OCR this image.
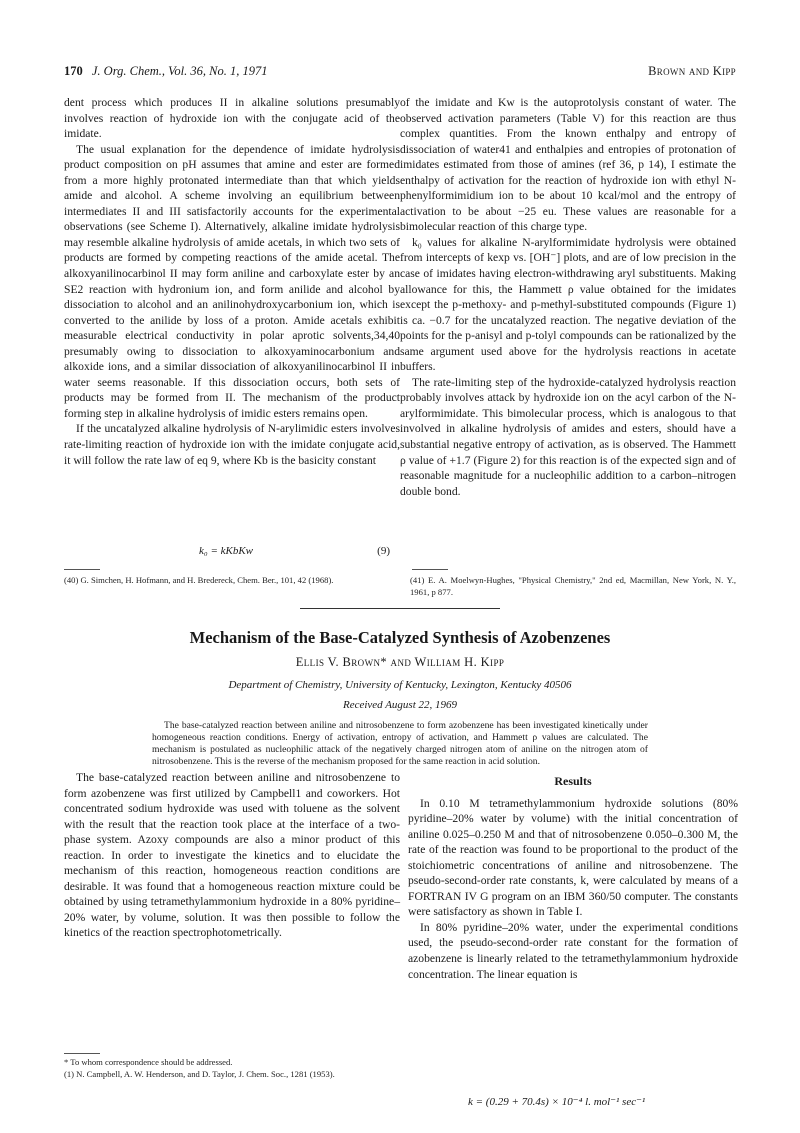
170 J. Org. Chem., Vol. 36, No. 1, 1971	Brown and Kipp

dent process which produces II in alkaline solutions presumably involves reaction of hydroxide ion with the conjugate acid of the imidate.

The usual explanation for the dependence of imidate hydrolysis product composition on pH assumes that amine and ester are formed from a more highly protonated intermediate than that which yields amide and alcohol. A scheme involving an equilibrium between intermediates II and III satisfactorily accounts for the experimental observations (see Scheme I). Alternatively, alkaline imidate hydrolysis may resemble alkaline hydrolysis of amide acetals, in which two sets of products are formed by competing reactions of the amide acetal. The alkoxyanilinocarbinol II may form aniline and carboxylate ester by an SE2 reaction with hydronium ion, and form anilide and alcohol by dissociation to alcohol and an anilinohydroxycarbonium ion, which is converted to the anilide by loss of a proton. Amide acetals exhibit measurable electrical conductivity in polar aprotic solvents,34,40 presumably owing to dissociation to alkoxyaminocarbonium and alkoxide ions, and a similar dissociation of alkoxyanilinocarbinol II in water seems reasonable. If this dissociation occurs, both sets of products may be formed from II. The mechanism of the product forming step in alkaline hydrolysis of imidic esters remains open.

If the uncatalyzed alkaline hydrolysis of N-arylimidic esters involves rate-limiting reaction of hydroxide ion with the imidate conjugate acid, it will follow the rate law of eq 9, where Kb is the basicity constant

k₀ = kKbKw	(9)

of the imidate and Kw is the autoprotolysis constant of water. The observed activation parameters (Table V) for this reaction are thus complex quantities. From the known enthalpy and entropy of dissociation of water41 and enthalpies and entropies of protonation of imidates estimated from those of amines (ref 36, p 14), I estimate the enthalpy of activation for the reaction of hydroxide ion with ethyl N-phenylformimidium ion to be about 10 kcal/mol and the entropy of activation to be about −25 eu. These values are reasonable for a bimolecular reaction of this charge type.

k₀ values for alkaline N-arylformimidate hydrolysis were obtained from intercepts of kexp vs. [OH⁻] plots, and are of low precision in the case of imidates having electron-withdrawing aryl substituents. Making allowance for this, the Hammett ρ value obtained for the imidates except the p-methoxy- and p-methyl-substituted compounds (Figure 1) is ca. −0.7 for the uncatalyzed reaction. The negative deviation of the points for the p-anisyl and p-tolyl compounds can be rationalized by the same argument used above for the hydrolysis reactions in acetate buffers.

The rate-limiting step of the hydroxide-catalyzed hydrolysis reaction probably involves attack by hydroxide ion on the acyl carbon of the N-arylformimidate. This bimolecular process, which is analogous to that involved in alkaline hydrolysis of amides and esters, should have a substantial negative entropy of activation, as is observed. The Hammett ρ value of +1.7 (Figure 2) for this reaction is of the expected sign and of reasonable magnitude for a nucleophilic addition to a carbon–nitrogen double bond.

(40) G. Simchen, H. Hofmann, and H. Bredereck, Chem. Ber., 101, 42 (1968).	(41) E. A. Moelwyn-Hughes, "Physical Chemistry," 2nd ed, Macmillan, New York, N. Y., 1961, p 877.
Mechanism of the Base-Catalyzed Synthesis of Azobenzenes
Ellis V. Brown* and William H. Kipp
Department of Chemistry, University of Kentucky, Lexington, Kentucky 40506
Received August 22, 1969
The base-catalyzed reaction between aniline and nitrosobenzene to form azobenzene has been investigated kinetically under homogeneous reaction conditions. Energy of activation, entropy of activation, and Hammett ρ values are calculated. The mechanism is postulated as nucleophilic attack of the negatively charged nitrogen atom of aniline on the nitrogen atom of nitrosobenzene. This is the reverse of the mechanism proposed for the same reaction in acid solution.

The base-catalyzed reaction between aniline and nitrosobenzene to form azobenzene was first utilized by Campbell1 and coworkers. Hot concentrated sodium hydroxide was used with toluene as the solvent with the result that the reaction took place at the interface of a two-phase system. Azoxy compounds are also a minor product of this reaction. In order to investigate the kinetics and to elucidate the mechanism of this reaction, homogeneous reaction conditions are desirable. It was found that a homogeneous reaction mixture could be obtained by using tetramethylammonium hydroxide in a 80% pyridine–20% water, by volume, solution. It was then possible to follow the kinetics of the reaction spectrophotometrically.

* To whom correspondence should be addressed.
(1) N. Campbell, A. W. Henderson, and D. Taylor, J. Chem. Soc., 1281 (1953).

Results

In 0.10 M tetramethylammonium hydroxide solutions (80% pyridine–20% water by volume) with the initial concentration of aniline 0.025–0.250 M and that of nitrosobenzene 0.050–0.300 M, the rate of the reaction was found to be proportional to the product of the stoichiometric concentrations of aniline and nitrosobenzene. The pseudo-second-order rate constants, k, were calculated by means of a FORTRAN IV G program on an IBM 360/50 computer. The constants were satisfactory as shown in Table I.

In 80% pyridine–20% water, under the experimental conditions used, the pseudo-second-order rate constant for the formation of azobenzene is linearly related to the tetramethylammonium hydroxide concentration. The linear equation is

k = (0.29 + 70.4s) × 10⁻⁴ l. mol⁻¹ sec⁻¹
